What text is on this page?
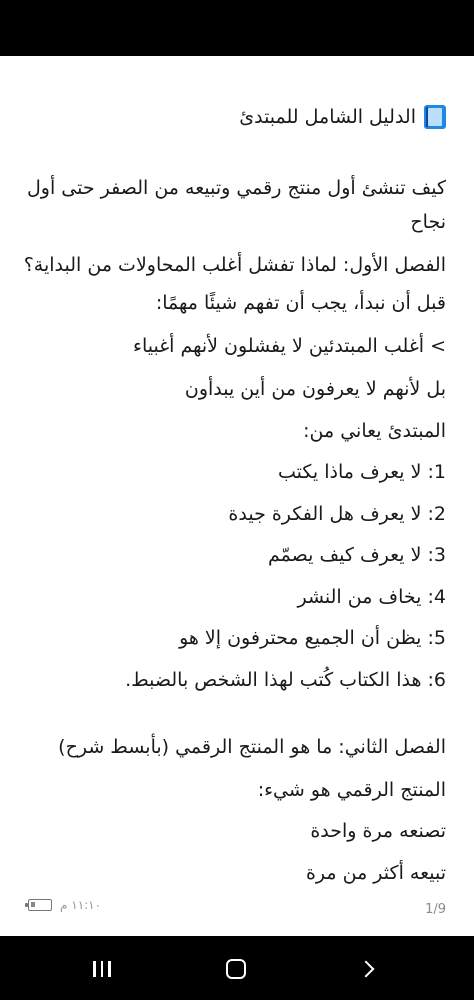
الدليل الشامل للمبتدئ
كيف تنشئ أول منتج رقمي وتبيعه من الصفر حتى أول نجاح
الفصل الأول: لماذا تفشل أغلب المحاولات من البداية؟
قبل أن نبدأ، يجب أن تفهم شيئًا مهمًا:
> أغلب المبتدئين لا يفشلون لأنهم أغبياء
بل لأنهم لا يعرفون من أين يبدأون
المبتدئ يعاني من:
1: لا يعرف ماذا يكتب
2: لا يعرف هل الفكرة جيدة
3: لا يعرف كيف يصمّم
4: يخاف من النشر
5: يظن أن الجميع محترفون إلا هو
6: هذا الكتاب كُتب لهذا الشخص بالضبط.
الفصل الثاني: ما هو المنتج الرقمي (بأبسط شرح)
المنتج الرقمي هو شيء:
تصنعه مرة واحدة
تبيعه أكثر من مرة
١١:١٠ م	1/9
